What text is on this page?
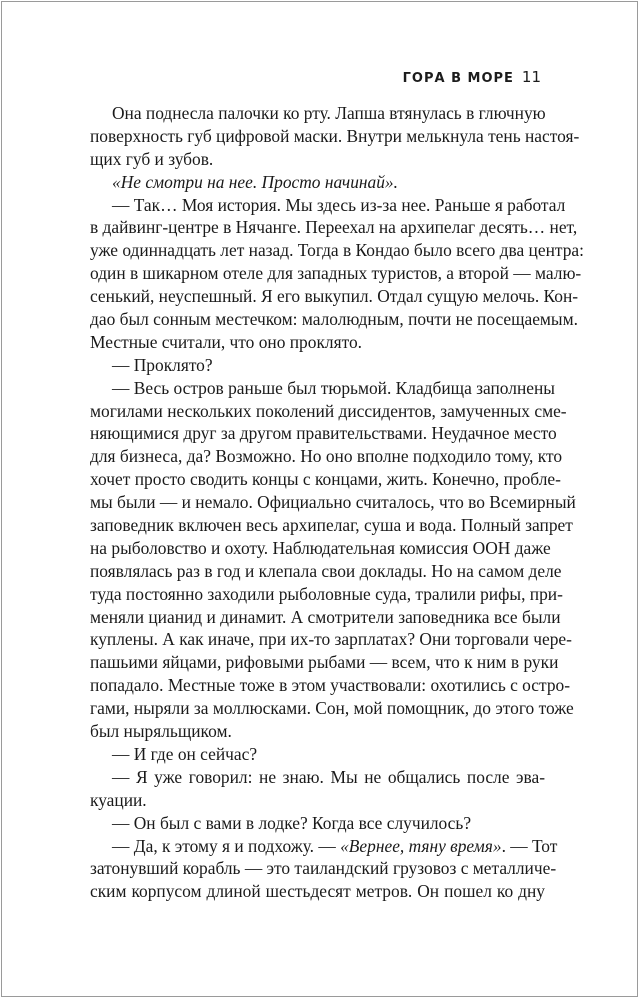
ГОРА В МОРЕ 11
Она поднесла палочки ко рту. Лапша втянулась в глючную
поверхность губ цифровой маски. Внутри мелькнула тень настоя-
щих губ и зубов.
«Не смотри на нее. Просто начинай».
— Так… Моя история. Мы здесь из-за нее. Раньше я работал
в дайвинг-центре в Нячанге. Переехал на архипелаг десять… нет,
уже одиннадцать лет назад. Тогда в Кондао было всего два центра:
один в шикарном отеле для западных туристов, а второй — малю-
сенький, неуспешный. Я его выкупил. Отдал сущую мелочь. Кон-
дао был сонным местечком: малолюдным, почти не посещаемым.
Местные считали, что оно проклято.
— Проклято?
— Весь остров раньше был тюрьмой. Кладбища заполнены
могилами нескольких поколений диссидентов, замученных сме-
няющимися друг за другом правительствами. Неудачное место
для бизнеса, да? Возможно. Но оно вполне подходило тому, кто
хочет просто сводить концы с концами, жить. Конечно, пробле-
мы были — и немало. Официально считалось, что во Всемирный
заповедник включен весь архипелаг, суша и вода. Полный запрет
на рыболовство и охоту. Наблюдательная комиссия ООН даже
появлялась раз в год и клепала свои доклады. Но на самом деле
туда постоянно заходили рыболовные суда, тралили рифы, при-
меняли цианид и динамит. А смотрители заповедника все были
куплены. А как иначе, при их-то зарплатах? Они торговали чере-
пашьими яйцами, рифовыми рыбами — всем, что к ним в руки
попадало. Местные тоже в этом участвовали: охотились с остро-
гами, ныряли за моллюсками. Сон, мой помощник, до этого тоже
был ныряльщиком.
— И где он сейчас?
— Я уже говорил: не знаю. Мы не общались после эва-
куации.
— Он был с вами в лодке? Когда все случилось?
— Да, к этому я и подхожу. — «Вернее, тяну время». — Тот
затонувший корабль — это таиландский грузовоз с металличе-
ским корпусом длиной шестьдесят метров. Он пошел ко дну
